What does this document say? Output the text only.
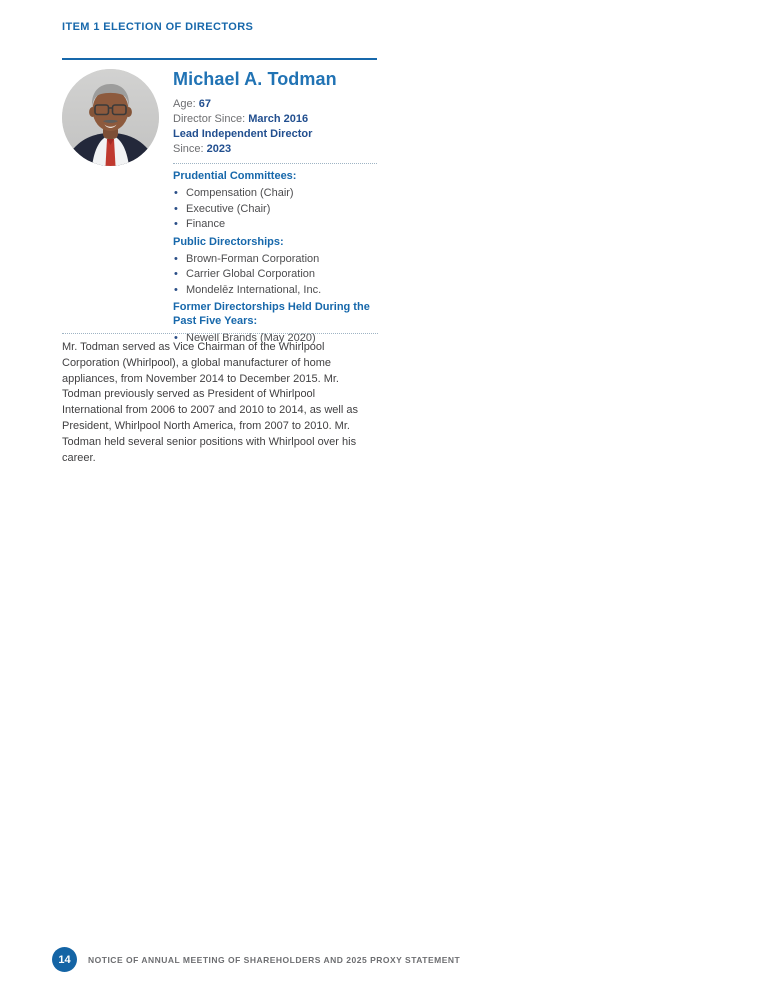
ITEM 1 ELECTION OF DIRECTORS
Michael A. Todman
Age: 67
Director Since: March 2016
Lead Independent Director
Since: 2023
Prudential Committees:
• Compensation (Chair)
• Executive (Chair)
• Finance
Public Directorships:
• Brown-Forman Corporation
• Carrier Global Corporation
• Mondelēz International, Inc.
Former Directorships Held During the Past Five Years:
• Newell Brands (May 2020)

Mr. Todman served as Vice Chairman of the Whirlpool Corporation (Whirlpool), a global manufacturer of home appliances, from November 2014 to December 2015. Mr. Todman previously served as President of Whirlpool International from 2006 to 2007 and 2010 to 2014, as well as President, Whirlpool North America, from 2007 to 2010. Mr. Todman held several senior positions with Whirlpool over his career.

14	NOTICE OF ANNUAL MEETING OF SHAREHOLDERS AND 2025 PROXY STATEMENT
